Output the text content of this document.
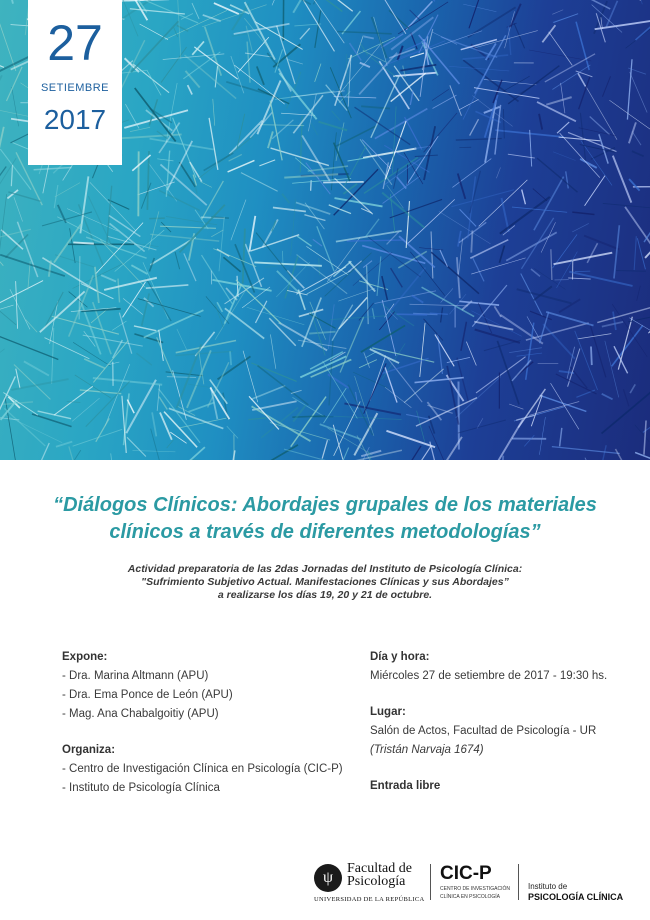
27
SETIEMBRE
2017
“Diálogos Clínicos: Abordajes grupales de los materiales
clínicos a través de diferentes metodologías”
Actividad preparatoria de las 2das Jornadas del Instituto de Psicología Clínica:
"Sufrimiento Subjetivo Actual. Manifestaciones Clínicas y sus Abordajes”
a realizarse los días 19, 20 y 21 de octubre.
Expone:
- Dra. Marina Altmann (APU)
- Dra. Ema Ponce de León (APU)
- Mag. Ana Chabalgoitiy (APU)
Organiza:
- Centro de Investigación Clínica en Psicología (CIC-P)
- Instituto de Psicología Clínica
Día y hora:
Miércoles 27 de setiembre de 2017 - 19:30 hs.
Lugar:
Salón de Actos, Facultad de Psicología - UR
(Tristán Narvaja 1674)
Entrada libre
ψ
Facultad de
Psicología
UNIVERSIDAD DE LA REPÚBLICA
CIC-P
CENTRO DE INVESTIGACIÓN
CLÍNICA EN PSICOLOGÍA
Instituto de
PSICOLOGÍA CLÍNICA
